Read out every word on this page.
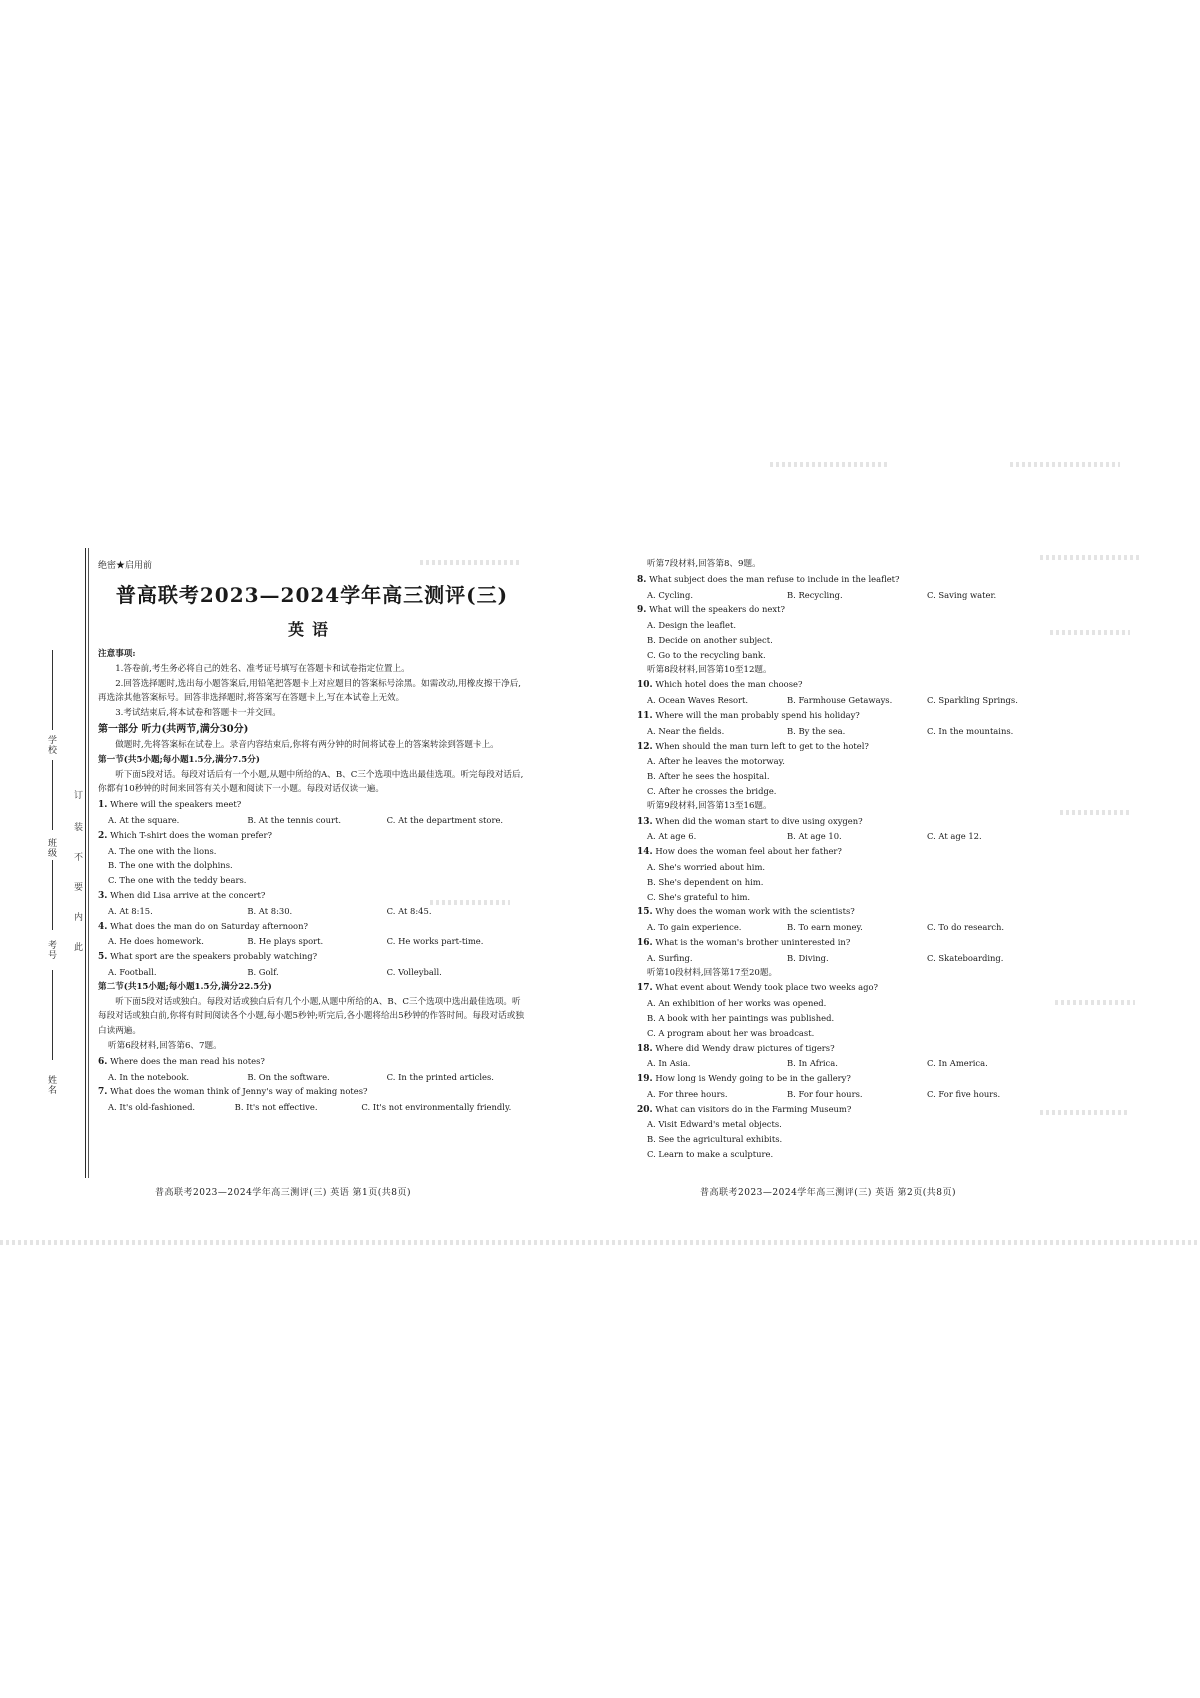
学校
班级
考号
姓名
订
装
不
要
内
此
绝密★启用前
普高联考2023—2024学年高三测评(三)
英语
注意事项:
1.答卷前,考生务必将自己的姓名、准考证号填写在答题卡和试卷指定位置上。
2.回答选择题时,选出每小题答案后,用铅笔把答题卡上对应题目的答案标号涂黑。如需改动,用橡皮擦干净后,再选涂其他答案标号。回答非选择题时,将答案写在答题卡上,写在本试卷上无效。
3.考试结束后,将本试卷和答题卡一并交回。
第一部分 听力(共两节,满分30分)
做题时,先将答案标在试卷上。录音内容结束后,你将有两分钟的时间将试卷上的答案转涂到答题卡上。
第一节(共5小题;每小题1.5分,满分7.5分)
听下面5段对话。每段对话后有一个小题,从题中所给的A、B、C三个选项中选出最佳选项。听完每段对话后,你都有10秒钟的时间来回答有关小题和阅读下一小题。每段对话仅读一遍。
1. Where will the speakers meet?
A. At the square.	B. At the tennis court.	C. At the department store.
2. Which T-shirt does the woman prefer?
A. The one with the lions.
B. The one with the dolphins.
C. The one with the teddy bears.
3. When did Lisa arrive at the concert?
A. At 8:15.	B. At 8:30.	C. At 8:45.
4. What does the man do on Saturday afternoon?
A. He does homework.	B. He plays sport.	C. He works part-time.
5. What sport are the speakers probably watching?
A. Football.	B. Golf.	C. Volleyball.
第二节(共15小题;每小题1.5分,满分22.5分)
听下面5段对话或独白。每段对话或独白后有几个小题,从题中所给的A、B、C三个选项中选出最佳选项。听每段对话或独白前,你将有时间阅读各个小题,每小题5秒钟;听完后,各小题将给出5秒钟的作答时间。每段对话或独白读两遍。
听第6段材料,回答第6、7题。
6. Where does the man read his notes?
A. In the notebook.	B. On the software.	C. In the printed articles.
7. What does the woman think of Jenny's way of making notes?
A. It's old-fashioned.	B. It's not effective.	C. It's not environmentally friendly.
听第7段材料,回答第8、9题。
8. What subject does the man refuse to include in the leaflet?
A. Cycling.	B. Recycling.	C. Saving water.
9. What will the speakers do next?
A. Design the leaflet.
B. Decide on another subject.
C. Go to the recycling bank.
听第8段材料,回答第10至12题。
10. Which hotel does the man choose?
A. Ocean Waves Resort.	B. Farmhouse Getaways.	C. Sparkling Springs.
11. Where will the man probably spend his holiday?
A. Near the fields.	B. By the sea.	C. In the mountains.
12. When should the man turn left to get to the hotel?
A. After he leaves the motorway.
B. After he sees the hospital.
C. After he crosses the bridge.
听第9段材料,回答第13至16题。
13. When did the woman start to dive using oxygen?
A. At age 6.	B. At age 10.	C. At age 12.
14. How does the woman feel about her father?
A. She's worried about him.
B. She's dependent on him.
C. She's grateful to him.
15. Why does the woman work with the scientists?
A. To gain experience.	B. To earn money.	C. To do research.
16. What is the woman's brother uninterested in?
A. Surfing.	B. Diving.	C. Skateboarding.
听第10段材料,回答第17至20题。
17. What event about Wendy took place two weeks ago?
A. An exhibition of her works was opened.
B. A book with her paintings was published.
C. A program about her was broadcast.
18. Where did Wendy draw pictures of tigers?
A. In Asia.	B. In Africa.	C. In America.
19. How long is Wendy going to be in the gallery?
A. For three hours.	B. For four hours.	C. For five hours.
20. What can visitors do in the Farming Museum?
A. Visit Edward's metal objects.
B. See the agricultural exhibits.
C. Learn to make a sculpture.
普高联考2023—2024学年高三测评(三) 英语 第1页(共8页)	普高联考2023—2024学年高三测评(三) 英语 第2页(共8页)
